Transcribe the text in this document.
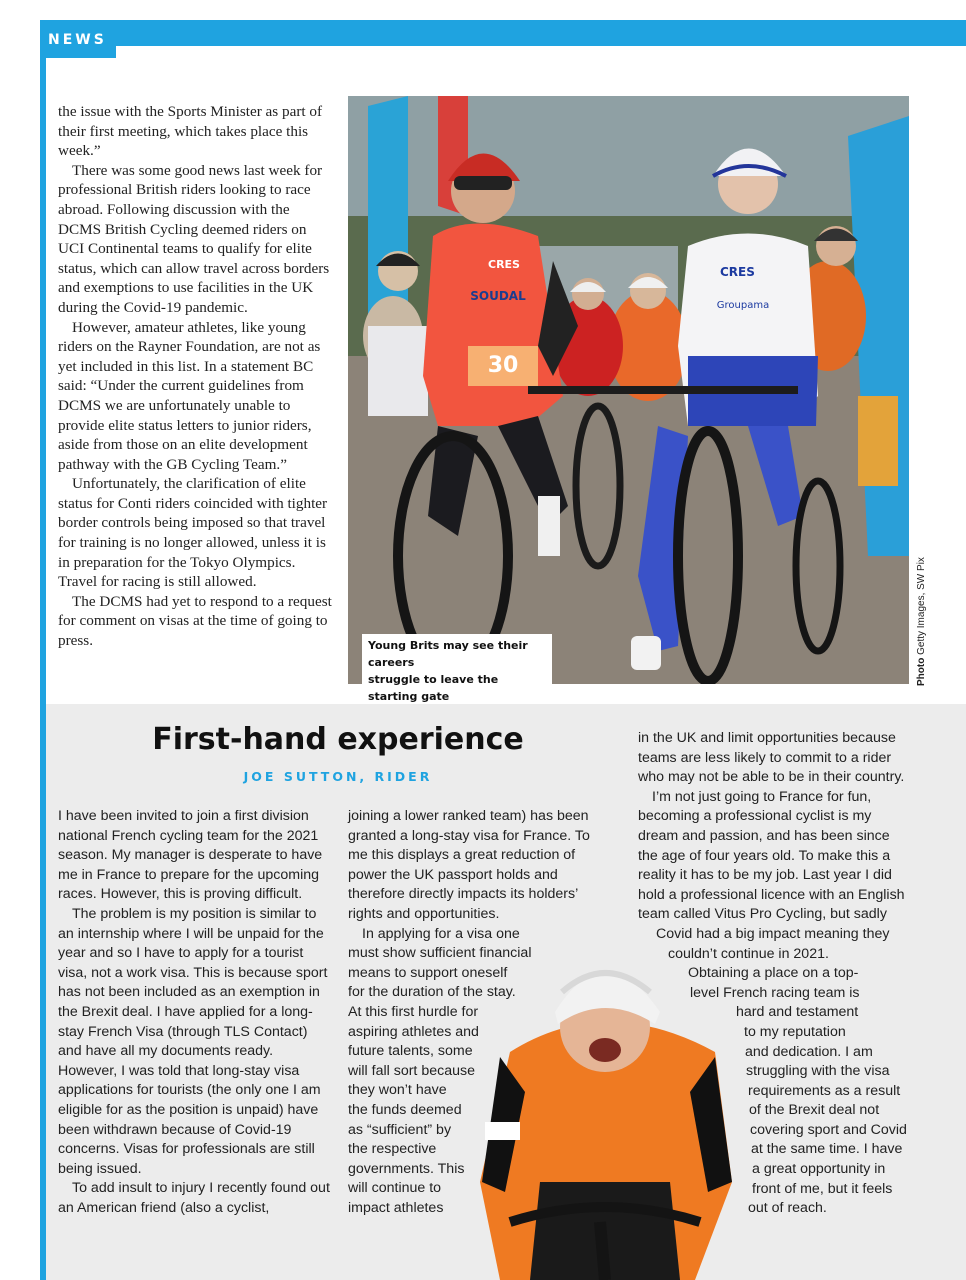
NEWS

the issue with the Sports Minister as part of their first meeting, which takes place this week.”

There was some good news last week for professional British riders looking to race abroad. Following discussion with the DCMS British Cycling deemed riders on UCI Continental teams to qualify for elite status, which can allow travel across borders and exemptions to use facilities in the UK during the Covid-19 pandemic.

However, amateur athletes, like young riders on the Rayner Foundation, are not as yet included in this list. In a statement BC said: “Under the current guidelines from DCMS we are unfortunately unable to provide elite status letters to junior riders, aside from those on an elite development pathway with the GB Cycling Team.”

Unfortunately, the clarification of elite status for Conti riders coincided with tighter border controls being imposed so that travel for training is no longer allowed, unless it is in preparation for the Tokyo Olympics. Travel for racing is still allowed.

The DCMS had yet to respond to a request for comment on visas at the time of going to press.

30
CRES
SOUDAL
CRES
Groupama
Young Brits may see their careers
struggle to leave the starting gate
Photo Getty Images, SW Pix
First-hand experience
JOE SUTTON, RIDER

I have been invited to join a first division national French cycling team for the 2021 season. My manager is desperate to have me in France to prepare for the upcoming races. However, this is proving difficult.

The problem is my position is similar to an internship where I will be unpaid for the year and so I have to apply for a tourist visa, not a work visa. This is because sport has not been included as an exemption in the Brexit deal. I have applied for a long-stay French Visa (through TLS Contact) and have all my documents ready. However, I was told that long-stay visa applications for tourists (the only one I am eligible for as the position is unpaid) have been withdrawn because of Covid-19 concerns. Visas for professionals are still being issued.

To add insult to injury I recently found out an American friend (also a cyclist,

joining a lower ranked team) has been granted a long-stay visa for France. To me this displays a great reduction of power the UK passport holds and therefore directly impacts its holders’ rights and opportunities.

In applying for a visa one
must show sufficient financial
means to support oneself
for the duration of the stay.
At this first hurdle for
aspiring athletes and
future talents, some
will fall sort because
they won’t have
the funds deemed
as “sufficient” by
the respective
governments. This
will continue to
impact athletes

in the UK and limit opportunities because
teams are less likely to commit to a rider
who may not be able to be in their country.
I’m not just going to France for fun,
becoming a professional cyclist is my
dream and passion, and has been since
the age of four years old. To make this a
reality it has to be my job. Last year I did
hold a professional licence with an English
team called Vitus Pro Cycling, but sadly
Covid had a big impact meaning they
couldn’t continue in 2021.
Obtaining a place on a top-
level French racing team is
hard and testament
to my reputation
and dedication. I am
struggling with the visa
requirements as a result
of the Brexit deal not
covering sport and Covid
at the same time. I have
a great opportunity in
front of me, but it feels
out of reach.
